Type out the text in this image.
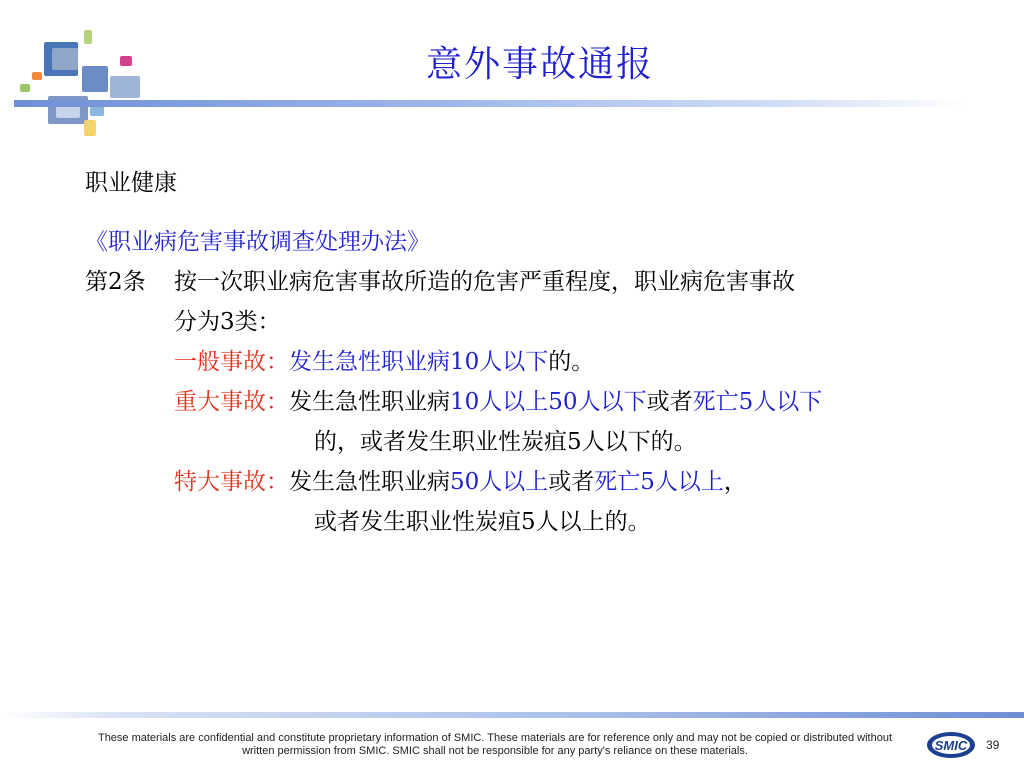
意外事故通报
职业健康
《职业病危害事故调查处理办法》
第2条 按一次职业病危害事故所造的危害严重程度，职业病危害事故
分为3类：
一般事故：发生急性职业病10人以下的。
重大事故：发生急性职业病10人以上50人以下或者死亡5人以下
的，或者发生职业性炭疽5人以下的。
特大事故：发生急性职业病50人以上或者死亡5人以上，
或者发生职业性炭疽5人以上的。
These materials are confidential and constitute proprietary information of SMIC. These materials are for reference only and may not be copied or distributed without
written permission from SMIC. SMIC shall not be responsible for any party's reliance on these materials.	SMIC 39
